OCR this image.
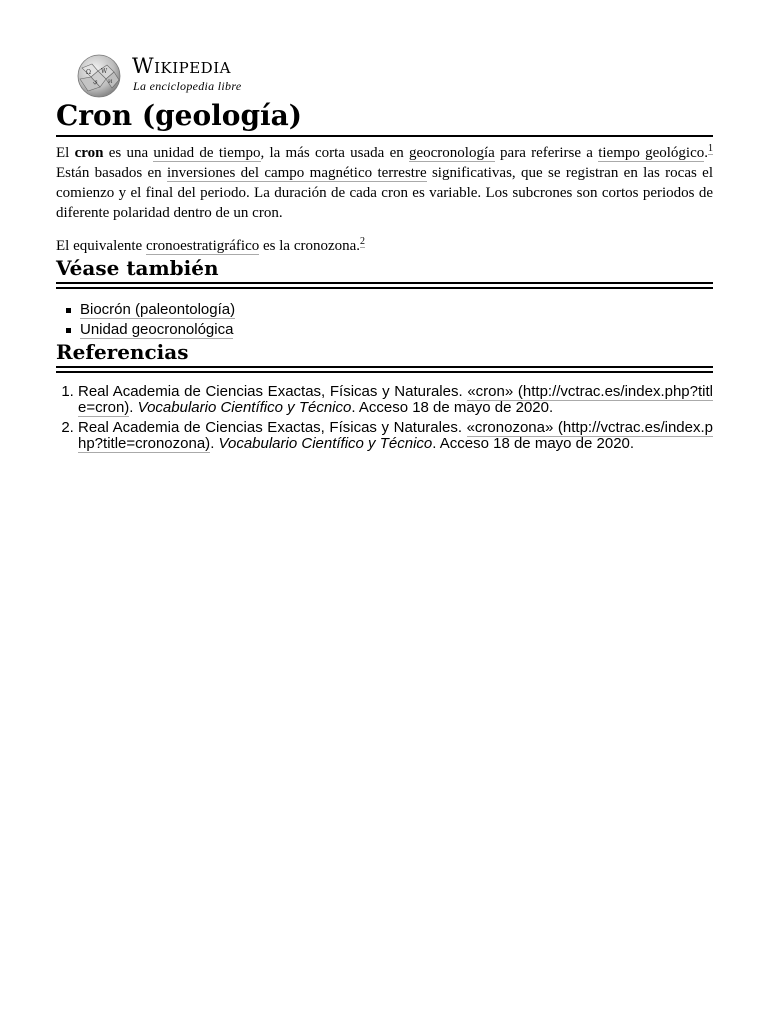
Ω W
ي И
Wikipedia
La enciclopedia libre
Cron (geología)

El cron es una unidad de tiempo, la más corta usada en geocronología para referirse a tiempo geológico.$^1$ Están basados en inversiones del campo magnético terrestre significativas, que se registran en las rocas el comienzo y el final del periodo. La duración de cada cron es variable. Los subcrones son cortos periodos de diferente polaridad dentro de un cron.

El equivalente cronoestratigráfico es la cronozona.$^2$

Véase también
Biocrón (paleontología)
Unidad geocronológica
Referencias
1. Real Academia de Ciencias Exactas, Físicas y Naturales. «cron» (http://vctrac.es/index.php?title=cron). Vocabulario Científico y Técnico. Acceso 18 de mayo de 2020.
2. Real Academia de Ciencias Exactas, Físicas y Naturales. «cronozona» (http://vctrac.es/index.php?title=cronozona). Vocabulario Científico y Técnico. Acceso 18 de mayo de 2020.
